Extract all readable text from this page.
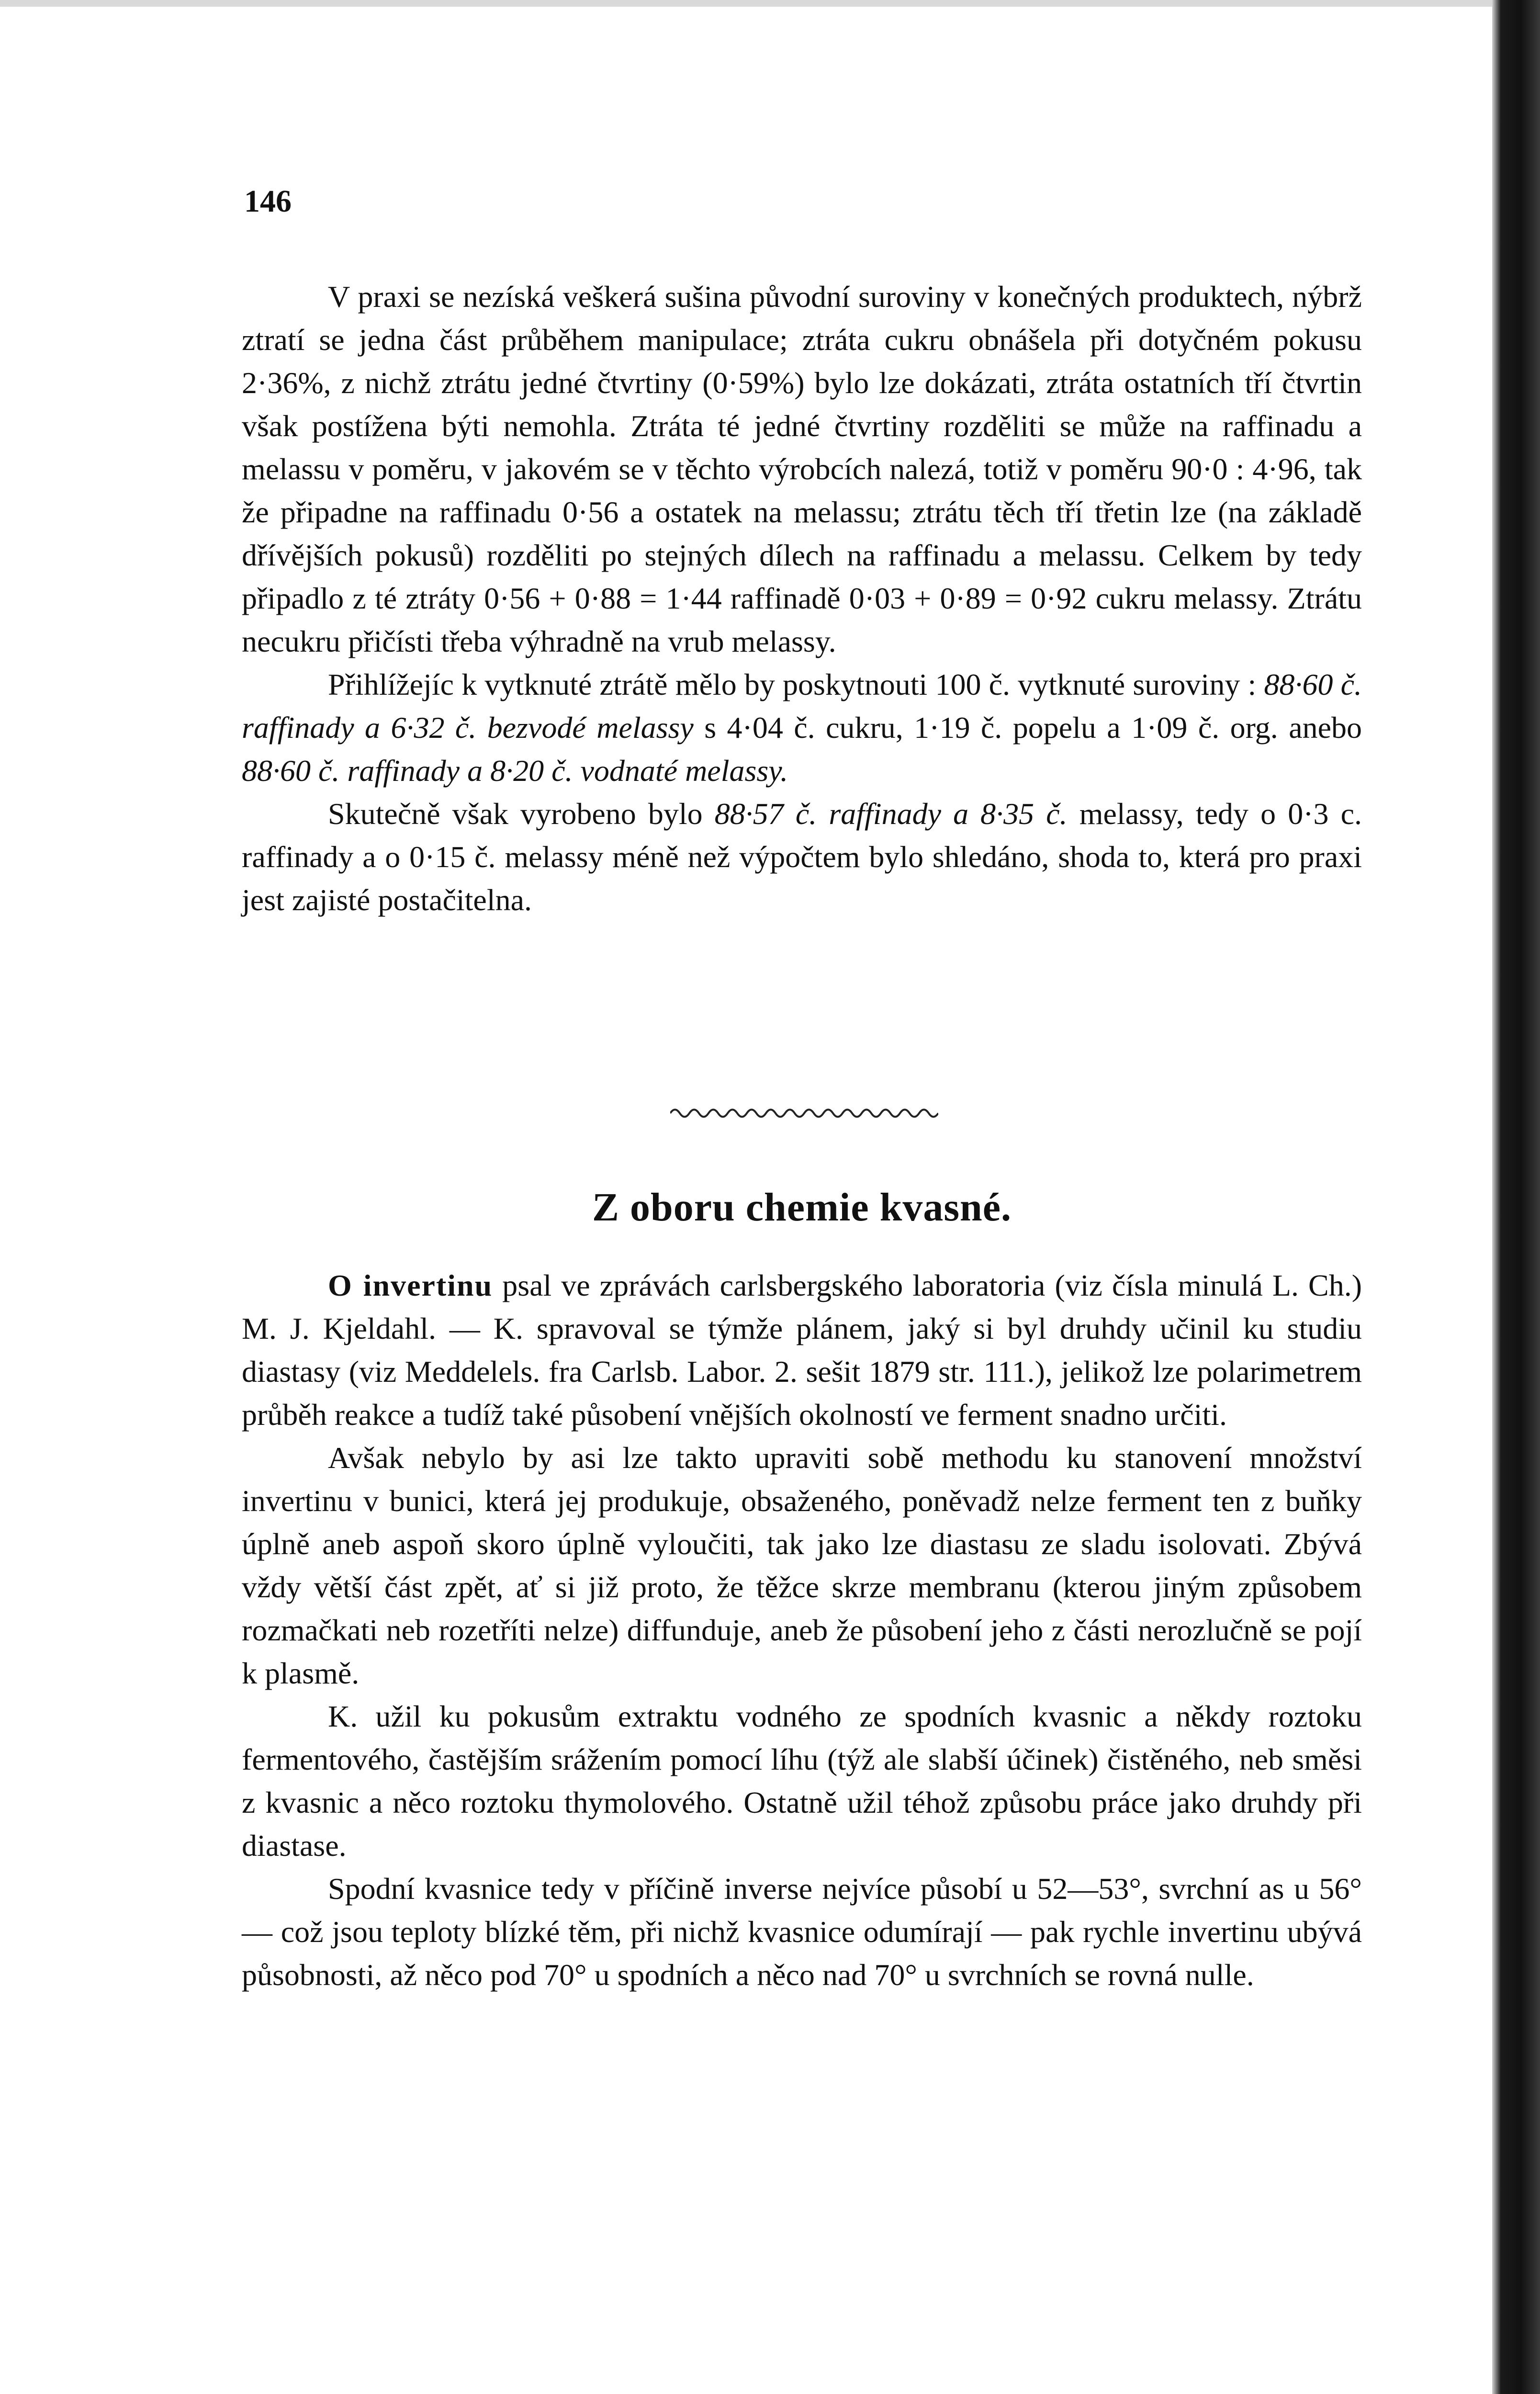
146

V praxi se nezíská veškerá sušina původní suroviny v konečných produktech, nýbrž ztratí se jedna část průběhem manipulace; ztráta cukru obnášela při dotyčném pokusu 2·36%, z nichž ztrátu jedné čtvrtiny (0·59%) bylo lze dokázati, ztráta ostatních tří čtvrtin však postížena býti nemohla. Ztráta té jedné čtvrtiny rozděliti se může na raffinadu a melassu v poměru, v jakovém se v těchto výrobcích nalezá, totiž v poměru 90·0 : 4·96, tak že připadne na raffinadu 0·56 a ostatek na melassu; ztrátu těch tří třetin lze (na základě dřívějších pokusů) rozděliti po stejných dílech na raffinadu a melassu. Celkem by tedy připadlo z té ztráty 0·56 + 0·88 = 1·44 raffinadě 0·03 + 0·89 = 0·92 cukru melassy. Ztrátu necukru přičísti třeba výhradně na vrub melassy.

Přihlížejíc k vytknuté ztrátě mělo by poskytnouti 100 č. vytknuté suroviny : 88·60 č. raffinady a 6·32 č. bezvodé melassy s 4·04 č. cukru, 1·19 č. popelu a 1·09 č. org. anebo 88·60 č. raffinady a 8·20 č. vodnaté melassy.

Skutečně však vyrobeno bylo 88·57 č. raffinady a 8·35 č. melassy, tedy o 0·3 c. raffinady a o 0·15 č. melassy méně než výpočtem bylo shledáno, shoda to, která pro praxi jest zajisté postačitelna.

Z oboru chemie kvasné.

O invertinu psal ve zprávách carlsbergského laboratoria (viz čísla minulá L. Ch.) M. J. Kjeldahl. — K. spravoval se týmže plánem, jaký si byl druhdy učinil ku studiu diastasy (viz Meddelels. fra Carlsb. Labor. 2. sešit 1879 str. 111.), jelikož lze polarimetrem průběh reakce a tudíž také působení vnějších okolností ve ferment snadno určiti.

Avšak nebylo by asi lze takto upraviti sobě methodu ku stanovení množství invertinu v bunici, která jej produkuje, obsaženého, poněvadž nelze ferment ten z buňky úplně aneb aspoň skoro úplně vyloučiti, tak jako lze diastasu ze sladu isolovati. Zbývá vždy větší část zpět, ať si již proto, že těžce skrze membranu (kterou jiným způsobem rozmačkati neb rozetříti nelze) diffunduje, aneb že působení jeho z části nerozlučně se pojí k plasmě.

K. užil ku pokusům extraktu vodného ze spodních kvasnic a někdy roztoku fermentového, častějším srážením pomocí líhu (týž ale slabší účinek) čistěného, neb směsi z kvasnic a něco roztoku thymolového. Ostatně užil téhož způsobu práce jako druhdy při diastase.

Spodní kvasnice tedy v příčině inverse nejvíce působí u 52—53°, svrchní as u 56° — což jsou teploty blízké těm, při nichž kvasnice odumírají — pak rychle invertinu ubývá působnosti, až něco pod 70° u spodních a něco nad 70° u svrchních se rovná nulle.
